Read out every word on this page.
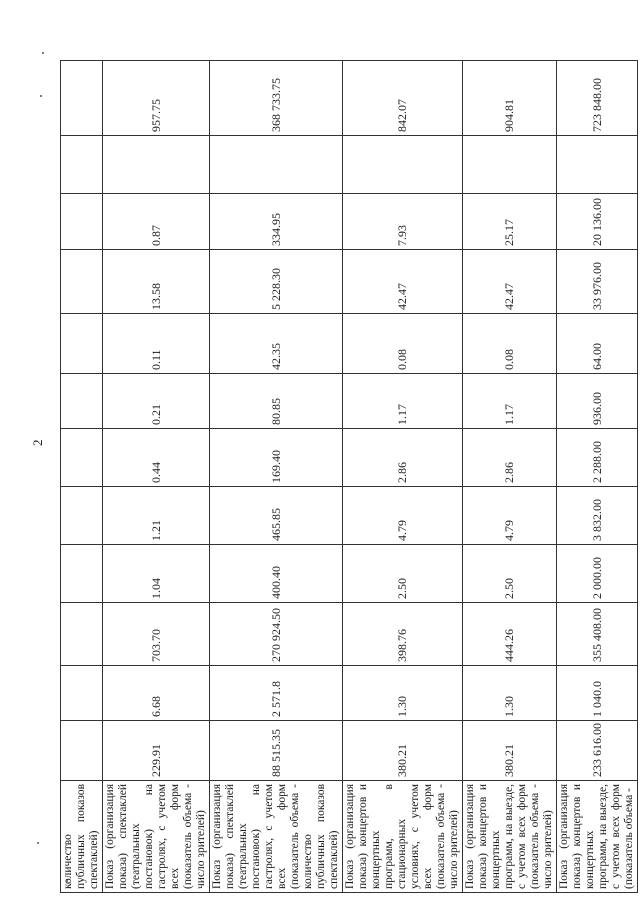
2
количество публичных показов спектаклей)												
Показ (организация показа) спектаклей (театральных постановок) на гастролях, с учетом всех форм (показатель объема - число зрителей)	229.91	6.68	703.70	1.04	1.21	0.44	0.21	0.11	13.58	0.87		957.75
Показ (организация показа) спектаклей (театральных постановок) на гастролях, с учетом всех форм (показатель объема - количество публичных показов спектаклей)	88 515.35	2 571.8	270 924.50	400.40	465.85	169.40	80.85	42.35	5 228.30	334.95		368 733.75
Показ (организация показа) концертов и концертных программ, в стационарных условиях, с учетом всех форм (показатель объема - число зрителей)	380.21	1.30	398.76	2.50	4.79	2.86	1.17	0.08	42.47	7.93		842.07
Показ (организация показа) концертов и концертных программ, на выезде, с учетом всех форм (показатель объема - число зрителей)	380.21	1.30	444.26	2.50	4.79	2.86	1.17	0.08	42.47	25.17		904.81
Показ (организация показа) концертов и концертных программ, на выезде, с учетом всех форм (показатель объема -	233 616.00	1 040.0	355 408.00	2 000.00	3 832.00	2 288.00	936.00	64.00	33 976.00	20 136.00		723 848.00
